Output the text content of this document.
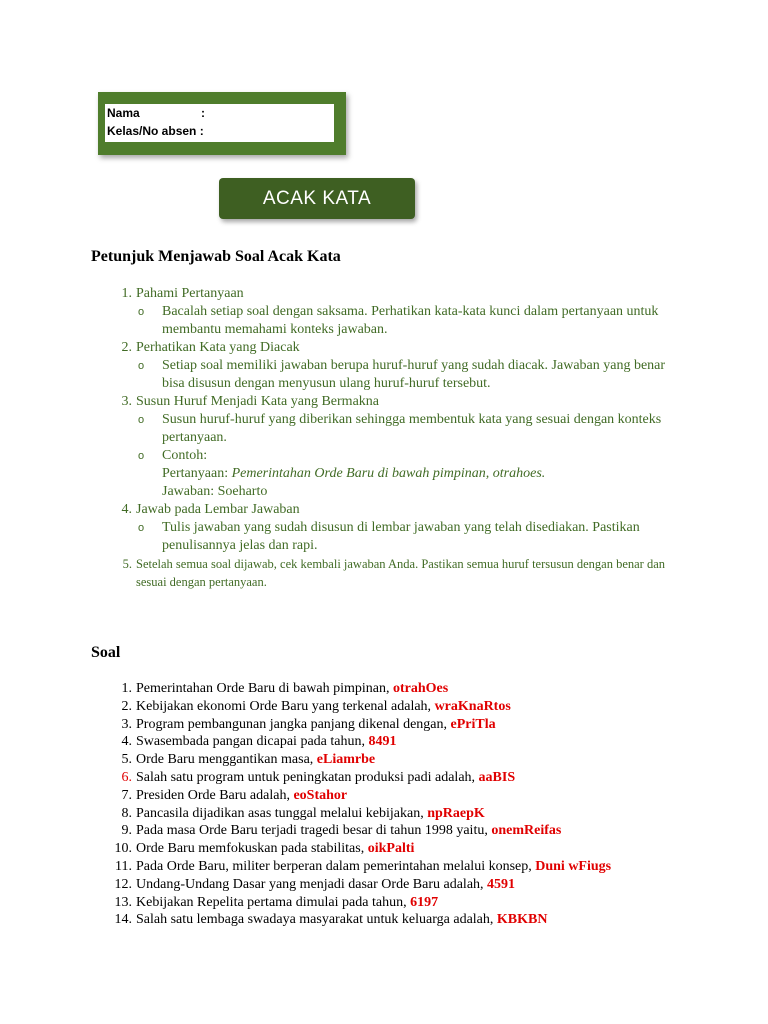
Nama	:
Kelas/No absen :
ACAK KATA
Petunjuk Menjawab Soal Acak Kata
1. Pahami Pertanyaan
o Bacalah setiap soal dengan saksama. Perhatikan kata-kata kunci dalam pertanyaan untuk membantu memahami konteks jawaban.
2. Perhatikan Kata yang Diacak
o Setiap soal memiliki jawaban berupa huruf-huruf yang sudah diacak. Jawaban yang benar bisa disusun dengan menyusun ulang huruf-huruf tersebut.
3. Susun Huruf Menjadi Kata yang Bermakna
o Susun huruf-huruf yang diberikan sehingga membentuk kata yang sesuai dengan konteks pertanyaan.
o Contoh:
Pertanyaan: Pemerintahan Orde Baru di bawah pimpinan, otrahoes.
Jawaban: Soeharto
4. Jawab pada Lembar Jawaban
o Tulis jawaban yang sudah disusun di lembar jawaban yang telah disediakan. Pastikan penulisannya jelas dan rapi.
5. Setelah semua soal dijawab, cek kembali jawaban Anda. Pastikan semua huruf tersusun dengan benar dan sesuai dengan pertanyaan.
Soal
1. Pemerintahan Orde Baru di bawah pimpinan, otrahOes
2. Kebijakan ekonomi Orde Baru yang terkenal adalah, wraKnaRtos
3. Program pembangunan jangka panjang dikenal dengan, ePriTla
4. Swasembada pangan dicapai pada tahun, 8491
5. Orde Baru menggantikan masa, eLiamrbe
6. Salah satu program untuk peningkatan produksi padi adalah, aaBIS
7. Presiden Orde Baru adalah, eoStahor
8. Pancasila dijadikan asas tunggal melalui kebijakan, npRaepK
9. Pada masa Orde Baru terjadi tragedi besar di tahun 1998 yaitu, onemReifas
10. Orde Baru memfokuskan pada stabilitas, oikPalti
11. Pada Orde Baru, militer berperan dalam pemerintahan melalui konsep, Duni wFiugs
12. Undang-Undang Dasar yang menjadi dasar Orde Baru adalah, 4591
13. Kebijakan Repelita pertama dimulai pada tahun, 6197
14. Salah satu lembaga swadaya masyarakat untuk keluarga adalah, KBKBN
